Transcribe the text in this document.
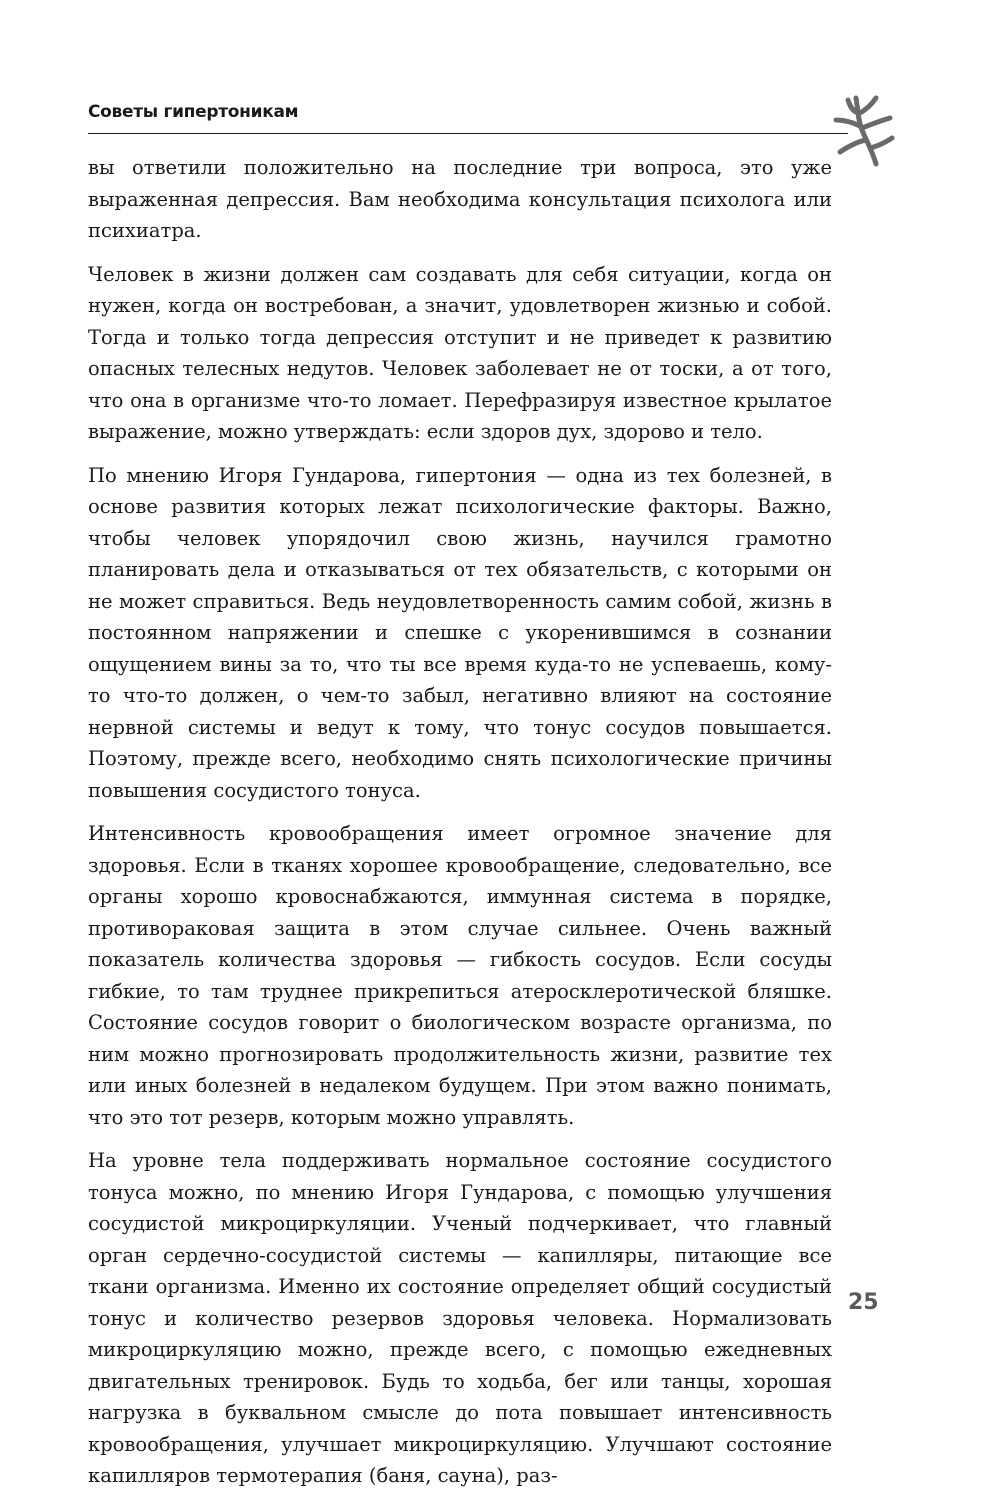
Советы гипертоникам

вы ответили положительно на последние три вопроса, это уже выраженная депрессия. Вам необходима консультация психолога или психиатра.

Человек в жизни должен сам создавать для себя ситуации, когда он нужен, когда он востребован, а значит, удовлетворен жизнью и собой. Тогда и только тогда депрессия отступит и не приведет к развитию опасных телесных недутов. Человек заболевает не от тоски, а от того, что она в организме что-то ломает. Перефразируя известное крылатое выражение, можно утверждать: если здоров дух, здорово и тело.

По мнению Игоря Гундарова, гипертония — одна из тех болезней, в основе развития которых лежат психологические факторы. Важно, чтобы человек упорядочил свою жизнь, научился грамотно планировать дела и отказываться от тех обязательств, с которыми он не может справиться. Ведь неудовлетворенность самим собой, жизнь в постоянном напряжении и спешке с укоренившимся в сознании ощущением вины за то, что ты все время куда-то не успеваешь, кому-то что-то должен, о чем-то забыл, негативно влияют на состояние нервной системы и ведут к тому, что тонус сосудов повышается. Поэтому, прежде всего, необходимо снять психологические причины повышения сосудистого тонуса.

Интенсивность кровообращения имеет огромное значение для здоровья. Если в тканях хорошее кровообращение, следовательно, все органы хорошо кровоснабжаются, иммунная система в порядке, противораковая защита в этом случае сильнее. Очень важный показатель количества здоровья — гибкость сосудов. Если сосуды гибкие, то там труднее прикрепиться атеросклеротической бляшке. Состояние сосудов говорит о биологическом возрасте организма, по ним можно прогнозировать продолжительность жизни, развитие тех или иных болезней в недалеком будущем. При этом важно понимать, что это тот резерв, которым можно управлять.

На уровне тела поддерживать нормальное состояние сосудистого тонуса можно, по мнению Игоря Гундарова, с помощью улучшения сосудистой микроциркуляции. Ученый подчеркивает, что главный орган сердечно-сосудистой системы — капилляры, питающие все ткани организма. Именно их состояние определяет общий сосудистый тонус и количество резервов здоровья человека. Нормализовать микроциркуляцию можно, прежде всего, с помощью ежедневных двигательных тренировок. Будь то ходьба, бег или танцы, хорошая нагрузка в буквальном смысле до пота повышает интенсивность кровообращения, улучшает микроциркуляцию. Улучшают состояние капилляров термотерапия (баня, сауна), раз-

25
